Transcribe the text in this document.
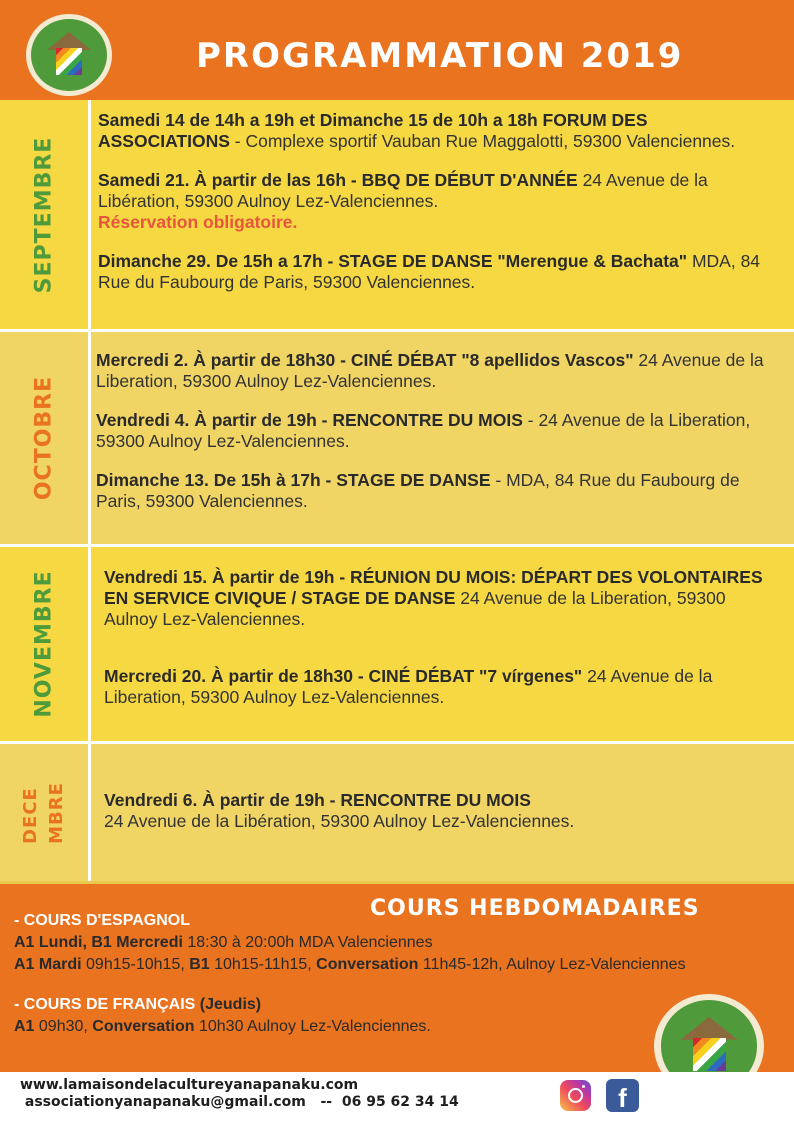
PROGRAMMATION 2019
SEPTEMBRE

Samedi 14 de 14h a 19h et Dimanche 15 de 10h a 18h FORUM DES ASSOCIATIONS - Complexe sportif Vauban Rue Maggalotti, 59300 Valenciennes.

Samedi 21. À partir de las 16h - BBQ DE DÉBUT D'ANNÉE 24 Avenue de la Libération, 59300 Aulnoy Lez-Valenciennes.
Réservation obligatoire.

Dimanche 29. De 15h a 17h - STAGE DE DANSE "Merengue & Bachata" MDA, 84 Rue du Faubourg de Paris, 59300 Valenciennes.

OCTOBRE

Mercredi 2. À partir de 18h30 - CINÉ DÉBAT "8 apellidos Vascos" 24 Avenue de la Liberation, 59300 Aulnoy Lez-Valenciennes.

Vendredi 4. À partir de 19h - RENCONTRE DU MOIS - 24 Avenue de la Liberation, 59300 Aulnoy Lez-Valenciennes.

Dimanche 13. De 15h à 17h - STAGE DE DANSE - MDA, 84 Rue du Faubourg de Paris, 59300 Valenciennes.

NOVEMBRE	Vendredi 15. À partir de 19h - RÉUNION DU MOIS: DÉPART DES VOLONTAIRES EN SERVICE CIVIQUE / STAGE DE DANSE 24 Avenue de la Liberation, 59300 Aulnoy Lez-Valenciennes.

Mercredi 20. À partir de 18h30 - CINÉ DÉBAT "7 vírgenes" 24 Avenue de la Liberation, 59300 Aulnoy Lez-Valenciennes.

DECE MBRE Vendredi 6. À partir de 19h - RENCONTRE DU MOIS
24 Avenue de la Libération, 59300 Aulnoy Lez-Valenciennes.

COURS HEBDOMADAIRES
- COURS D'ESPAGNOL
A1 Lundi, B1 Mercredi 18:30 à 20:00h MDA Valenciennes
A1 Mardi 09h15-10h15, B1 10h15-11h15, Conversation 11h45-12h, Aulnoy Lez-Valenciennes
- COURS DE FRANÇAIS (Jeudis)
A1 09h30, Conversation 10h30 Aulnoy Lez-Valenciennes.
www.lamaisondelacultureyanapanaku.com
associationyanapanaku@gmail.com   --  06 95 62 34 14	f
